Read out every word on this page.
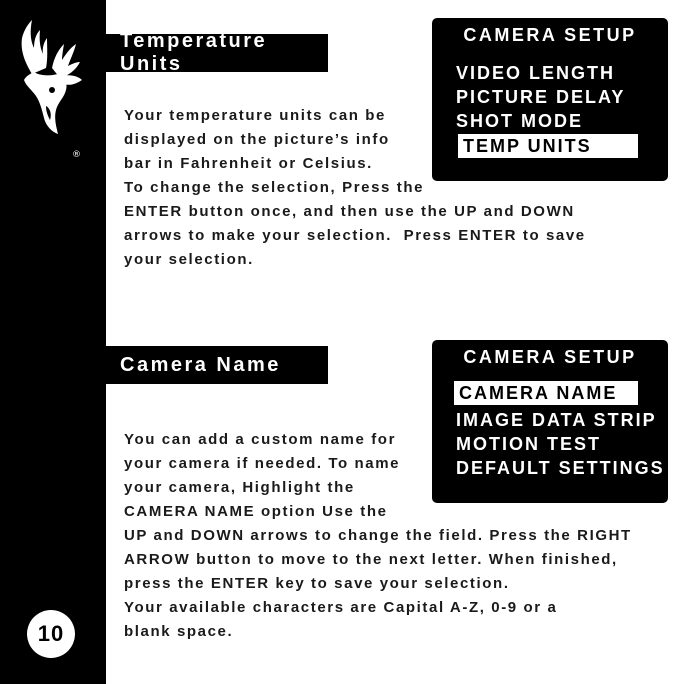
®
10
Temperature Units

Your temperature units can be
displayed on the picture’s info
bar in Fahrenheit or Celsius.
To change the selection, Press the
ENTER button once, and then use the UP and DOWN
arrows to make your selection.  Press ENTER to save
your selection.

CAMERA SETUP
VIDEO LENGTH
PICTURE DELAY
SHOT MODE
TEMP UNITS
Camera Name

You can add a custom name for
your camera if needed. To name
your camera, Highlight the
CAMERA NAME option Use the
UP and DOWN arrows to change the field. Press the RIGHT
ARROW button to move to the next letter. When finished,
press the ENTER key to save your selection.
Your available characters are Capital A-Z, 0-9 or a
blank space.

CAMERA SETUP
CAMERA NAME
IMAGE DATA STRIP
MOTION TEST
DEFAULT SETTINGS
